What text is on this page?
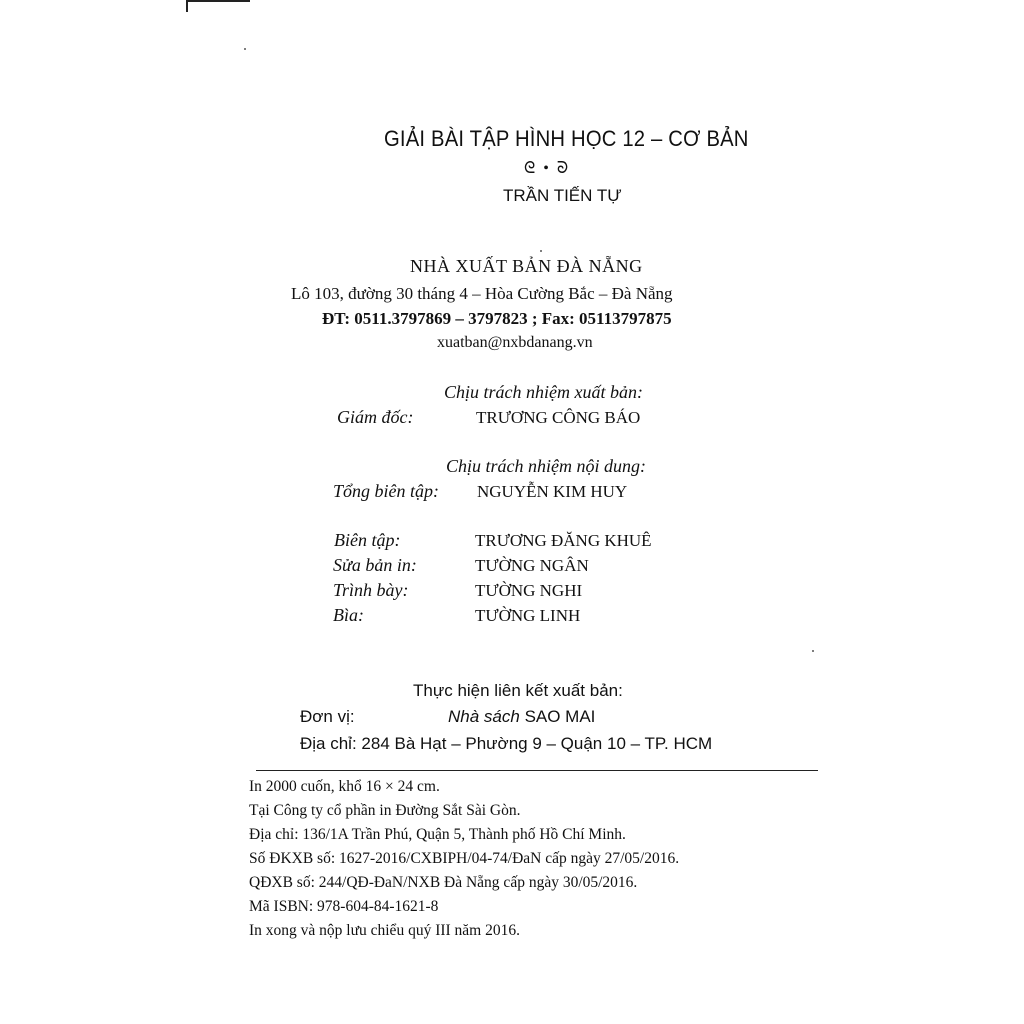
GIẢI BÀI TẬP HÌNH HỌC 12 – CƠ BẢN
ᘓ • ᘐ
TRẦN TIẾN TỰ
NHÀ XUẤT BẢN ĐÀ NẴNG
Lô 103, đường 30 tháng 4 – Hòa Cường Bắc – Đà Nẵng
ĐT: 0511.3797869 – 3797823 ; Fax: 05113797875
xuatban@nxbdanang.vn
Chịu trách nhiệm xuất bản:
Giám đốc:	TRƯƠNG CÔNG BÁO
Chịu trách nhiệm nội dung:
Tổng biên tập: NGUYỄN KIM HUY
Biên tập:	TRƯƠNG ĐĂNG KHUÊ
Sửa bản in:	TƯỜNG NGÂN
Trình bày:	TƯỜNG NGHI
Bìa:	TƯỜNG LINH
Thực hiện liên kết xuất bản:
Đơn vị:	Nhà sách SAO MAI
Địa chỉ: 284 Bà Hạt – Phường 9 – Quận 10 – TP. HCM
In 2000 cuốn, khổ 16 × 24 cm.
Tại Công ty cổ phần in Đường Sắt Sài Gòn.
Địa chỉ: 136/1A Trần Phú, Quận 5, Thành phố Hồ Chí Minh.
Số ĐKXB số: 1627-2016/CXBIPH/04-74/ĐaN cấp ngày 27/05/2016.
QĐXB số: 244/QĐ-ĐaN/NXB Đà Nẵng cấp ngày 30/05/2016.
Mã ISBN: 978-604-84-1621-8
In xong và nộp lưu chiểu quý III năm 2016.
